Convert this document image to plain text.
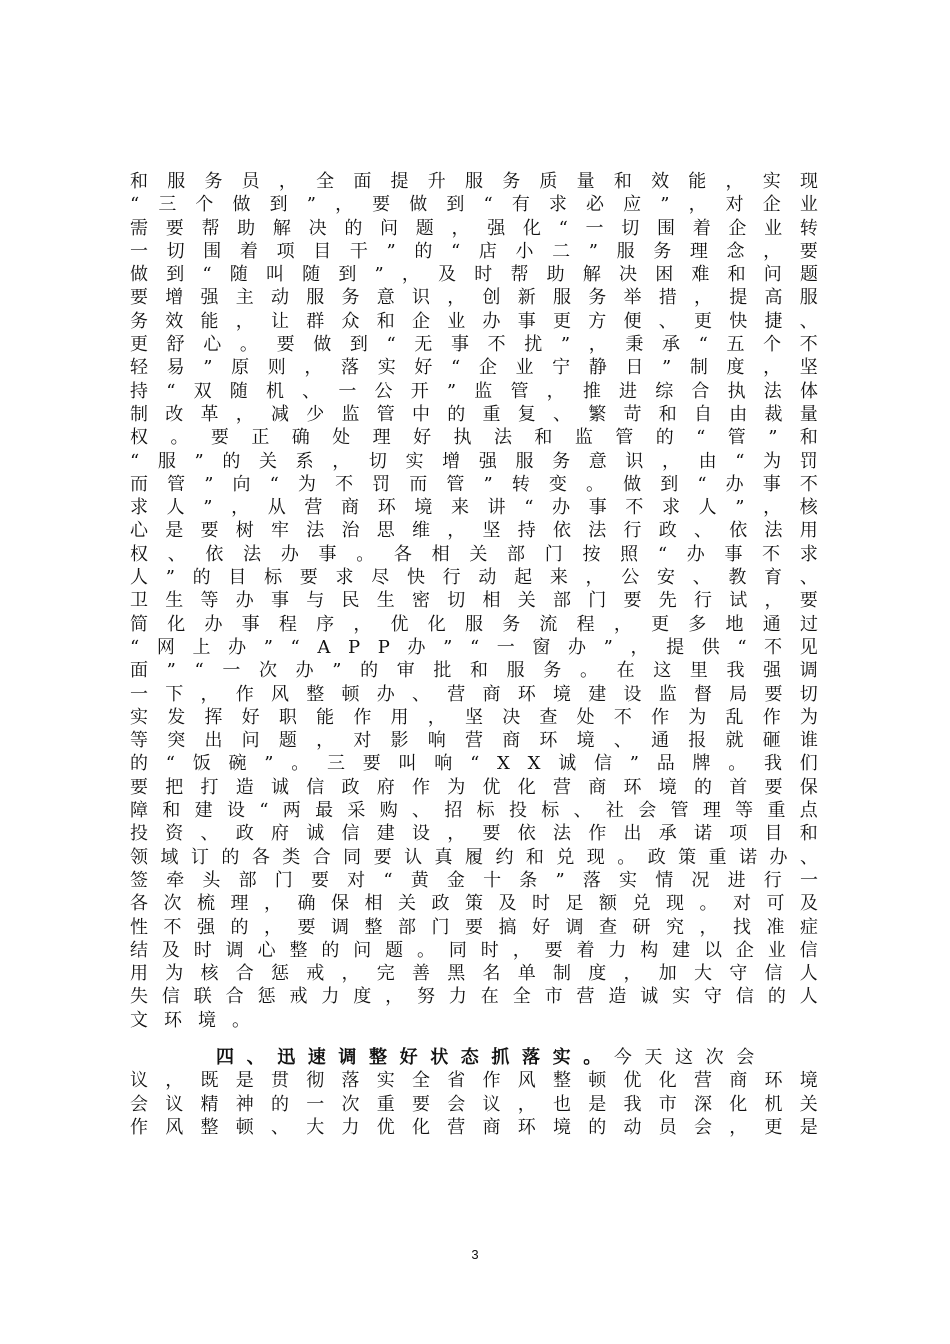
和 服 务 员 ， 全 面 提 升 服 务 质 量 和 效 能 ， 实 现
“ 三 个 做 到 ” ， 要 做 到 “ 有 求 必 应 ” ， 对 企 业
需 要 帮 助 解 决 的 问 题 ， 强 化 “ 一 切 围 着 企 业 转
一 切 围 着 项 目 干 ” 的 “ 店 小 二 ” 服 务 理 念 ， 要
做 到 “ 随 叫 随 到 ” ， 及 时 帮 助 解 决 困 难 和 问 题
要 增 强 主 动 服 务 意 识 ， 创 新 服 务 举 措 ， 提 高 服
务 效 能 ， 让 群 众 和 企 业 办 事 更 方 便 、 更 快 捷 、
更 舒 心 。 要 做 到 “ 无 事 不 扰 ” ， 秉 承 “ 五 个 不
轻 易 ” 原 则 ， 落 实 好 “ 企 业 宁 静 日 ” 制 度 ， 坚
持 “ 双 随 机 、 一 公 开 ” 监 管 ， 推 进 综 合 执 法 体
制 改 革 ， 减 少 监 管 中 的 重 复 、 繁 苛 和 自 由 裁 量
权 。 要 正 确 处 理 好 执 法 和 监 管 的 “ 管 ” 和
“ 服 ” 的 关 系 ， 切 实 增 强 服 务 意 识 ， 由 “ 为 罚
而 管 ” 向 “ 为 不 罚 而 管 ” 转 变 。 做 到 “ 办 事 不
求 人 ” ， 从 营 商 环 境 来 讲 “ 办 事 不 求 人 ” ， 核
心 是 要 树 牢 法 治 思 维 ， 坚 持 依 法 行 政 、 依 法 用
权 、 依 法 办 事 。 各 相 关 部 门 按 照 “ 办 事 不 求
人 ” 的 目 标 要 求 尽 快 行 动 起 来 ， 公 安 、 教 育 、
卫 生 等 办 事 与 民 生 密 切 相 关 部 门 要 先 行 试 ， 要
简 化 办 事 程 序 ， 优 化 服 务 流 程 ， 更 多 地 通 过
“ 网 上 办 ” “ A P P 办 ” “ 一 窗 办 ” ， 提 供 “ 不 见
面 ” “ 一 次 办 ” 的 审 批 和 服 务 。 在 这 里 我 强 调
一 下 ， 作 风 整 顿 办 、 营 商 环 境 建 设 监 督 局 要 切
实 发 挥 好 职 能 作 用 ， 坚 决 查 处 不 作 为 乱 作 为
等 突 出 问 题 ， 对 影 响 营 商 环 境 、 通 报 就 砸 谁
的 “ 饭 碗 ” 。 三 要 叫 响 “ X X 诚 信 ” 品 牌 。 我 们
要 把 打 造 诚 信 政 府 作 为 优 化 营 商 环 境 的 首 要 保
障 和 建 设 “ 两 最 采 购 、 招 标 投 标 、 社 会 管 理 等 重 点
投 资 、 政 府 诚 信 建 设 ， 要 依 法 作 出 承 诺 项 目 和
领 域 订 的 各 类 合 同 要 认 真 履 约 和 兑 现 。 政 策 重 诺 办 、
签 牵 头 部 门 要 对 “ 黄 金 十 条 ” 落 实 情 况 进 行 一
各 次 梳 理 ， 确 保 相 关 政 策 及 时 足 额 兑 现 。 对 可 及
性 不 强 的 ， 要 调 整 部 门 要 搞 好 调 查 研 究 ， 找 准 症
结 及 时 调 心 整 的 问 题 。 同 时 ， 要 着 力 构 建 以 企 业 信
用 为 核 合 惩 戒 ， 完 善 黑 名 单 制 度 ， 加 大 守 信 人
失 信 联 合 惩 戒 力 度 ， 努 力 在 全 市 营 造 诚 实 守 信 的 人
文环境。
四、迅速调整好状态抓落实。 今天这次会
议 ， 既 是 贯 彻 落 实 全 省 作 风 整 顿 优 化 营 商 环 境
会 议 精 神 的 一 次 重 要 会 议 ， 也 是 我 市 深 化 机 关
作 风 整 顿 、 大 力 优 化 营 商 环 境 的 动 员 会 ， 更 是
3
